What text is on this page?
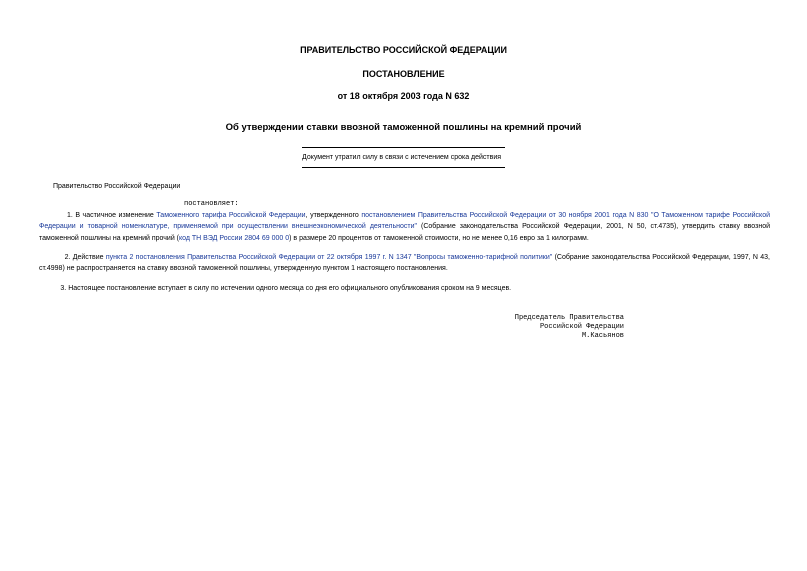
ПРАВИТЕЛЬСТВО РОССИЙСКОЙ ФЕДЕРАЦИИ
ПОСТАНОВЛЕНИЕ
от 18 октября 2003 года N 632
Об утверждении ставки ввозной таможенной пошлины на кремний прочий
Документ утратил силу в связи с истечением срока действия
Правительство Российской Федерации
постановляет:
1. В частичное изменение Таможенного тарифа Российской Федерации, утвержденного постановлением Правительства Российской Федерации от 30 ноября 2001 года N 830 "О Таможенном тарифе Российской Федерации и товарной номенклатуре, применяемой при осуществлении внешнеэкономической деятельности" (Собрание законодательства Российской Федерации, 2001, N 50, ст.4735), утвердить ставку ввозной таможенной пошлины на кремний прочий (код ТН ВЭД России 2804 69 000 0) в размере 20 процентов от таможенной стоимости, но не менее 0,16 евро за 1 килограмм.
2. Действие пункта 2 постановления Правительства Российской Федерации от 22 октября 1997 г. N 1347 "Вопросы таможенно-тарифной политики" (Собрание законодательства Российской Федерации, 1997, N 43, ст.4998) не распространяется на ставку ввозной таможенной пошлины, утвержденную пунктом 1 настоящего постановления.
3. Настоящее постановление вступает в силу по истечении одного месяца со дня его официального опубликования сроком на 9 месяцев.
Председатель Правительства
Российской Федерации
М.Касьянов
